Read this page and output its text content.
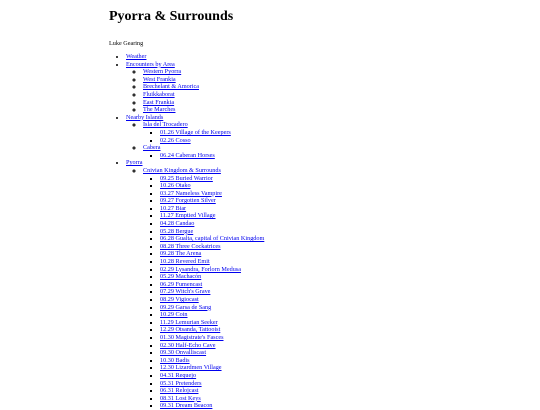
Pyorra & Surrounds

Luke Gearing

• Weather
• Encounters by Area
◦ Western Pyorra
◦ West Frankia
◦ Brechelant & Amorica
◦ Fluikkaborat
◦ East Frankia
◦ The Marches
• Nearby Islands
◦ Isla del Trocadero
▪ 01.26 Village of the Keepers
▪ 02.26 Cosso
◦ Cabera
▪ 06.24 Caberan Horses
• Pyorra
◦ Cnivian Kingdom & Surrounds
▪ 09.25 Buried Warrior
▪ 10.26 Otako
▪ 03.27 Nameless Vampire
▪ 09.27 Forgotten Silver
▪ 10.27 Biar
▪ 11.27 Emptied Village
▪ 04.28 Candao
▪ 05.28 Bergue
▪ 06.28 Gualta, capital of Cnivian Kingdom
▪ 08.28 Three Cockatrices
▪ 09.28 The Arena
▪ 10.28 Revered Emit
▪ 02.29 Lysandra, Forlorn Medusa
▪ 05.29 Machacón
▪ 06.29 Fumencast
▪ 07.29 Witch's Grave
▪ 08.29 Vigiocast
▪ 09.29 Garsa de Sang
▪ 10.29 Coin
▪ 11.29 Lemurian Seeker
▪ 12.29 Otsanda, Tattooist
▪ 01.30 Magistrate's Fasces
▪ 02.30 Half-Echo Cave
▪ 09.30 Onvalliscast
▪ 10.30 Badis
▪ 12.30 Lizardmen Village
▪ 04.31 Requejo
▪ 05.31 Pretenders
▪ 06.31 Relojcast
▪ 08.31 Lost Keys
▪ 09.31 Dream Beacon
